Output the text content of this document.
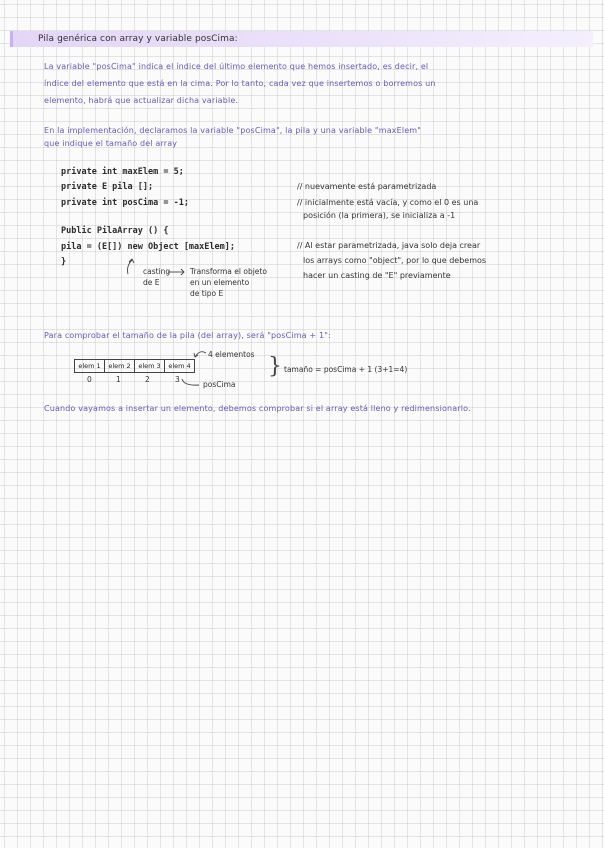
Pila genérica con array y variable posCima:
La variable "posCima" indica el índice del último elemento que hemos insertado, es decir, el
índice del elemento que está en la cima. Por lo tanto, cada vez que insertemos o borremos un
elemento, habrá que actualizar dicha variable.
En la implementación, declaramos la variable "posCima", la pila y una variable "maxElem"
que indique el tamaño del array
private int maxElem = 5;
private E pila [];
private int posCima = -1;
Public PilaArray () {
pila = (E[]) new Object [maxElem];
}
// nuevamente está parametrizada
// inicialmente está vacía, y como el 0 es una
posición (la primera), se inicializa a -1
// Al estar parametrizada, java solo deja crear
los arrays como "object", por lo que debemos
hacer un casting de "E" previamente
casting
de E
Transforma el objeto
en un elemento
de tipo E
Para comprobar el tamaño de la pila (del array), será "posCima + 1":
4 elementos
elem 1	elem 2	elem 3	elem 4
0	1	2	3
posCima
} tamaño = posCima + 1 (3+1=4)
Cuando vayamos a insertar un elemento, debemos comprobar si el array está lleno y redimensionarlo.
